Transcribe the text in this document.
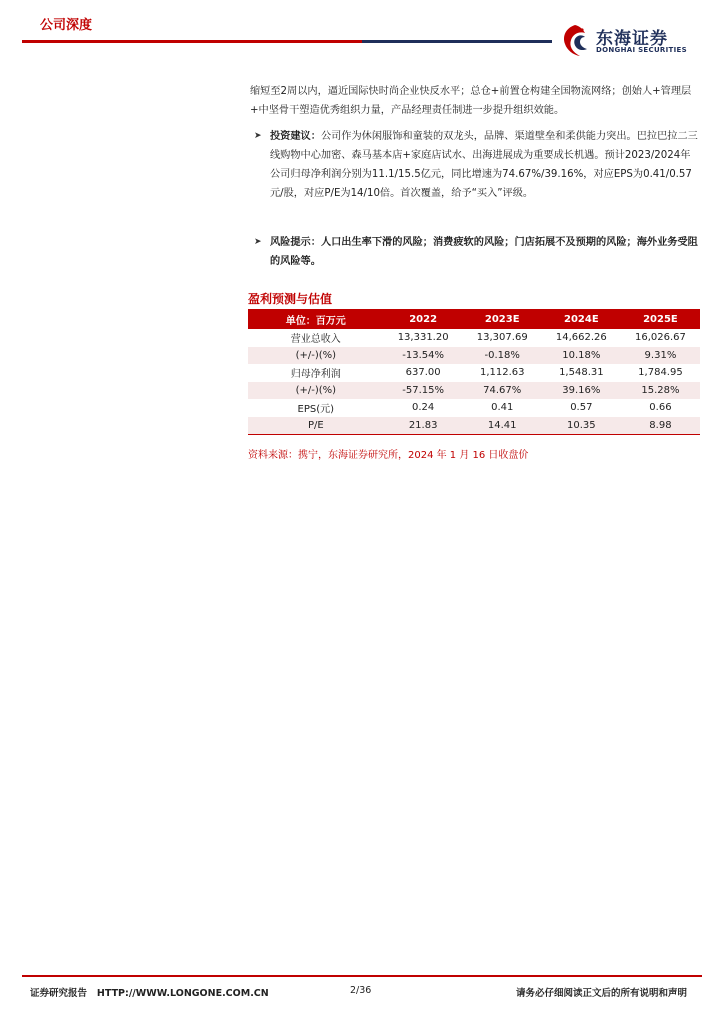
公司深度
东海证券
DONGHAI SECURITIES
缩短至2周以内，逼近国际快时尚企业快反水平；总仓+前置仓构建全国物流网络；创始人+管理层+中坚骨干塑造优秀组织力量，产品经理责任制进一步提升组织效能。
➤ 投资建议：公司作为休闲服饰和童装的双龙头，品牌、渠道壁垒和柔供能力突出。巴拉巴拉二三线购物中心加密、森马基本店+家庭店试水、出海进展成为重要成长机遇。预计2023/2024年公司归母净利润分别为11.1/15.5亿元，同比增速为74.67%/39.16%，对应EPS为0.41/0.57元/股，对应P/E为14/10倍。首次覆盖，给予“买入”评级。
➤ 风险提示：人口出生率下滑的风险；消费疲软的风险；门店拓展不及预期的风险；海外业务受阻的风险等。
盈利预测与估值
单位：百万元	2022	2023E	2024E	2025E
营业总收入	13,331.20	13,307.69	14,662.26	16,026.67
(+/-)(%)	-13.54%	-0.18%	10.18%	9.31%
归母净利润	637.00	1,112.63	1,548.31	1,784.95
(+/-)(%)	-57.15%	74.67%	39.16%	15.28%
EPS(元)	0.24	0.41	0.57	0.66
P/E	21.83	14.41	10.35	8.98
资料来源：携宁，东海证券研究所，2024 年 1 月 16 日收盘价
证券研究报告   HTTP://WWW.LONGONE.COM.CN	2/36	请务必仔细阅读正文后的所有说明和声明
